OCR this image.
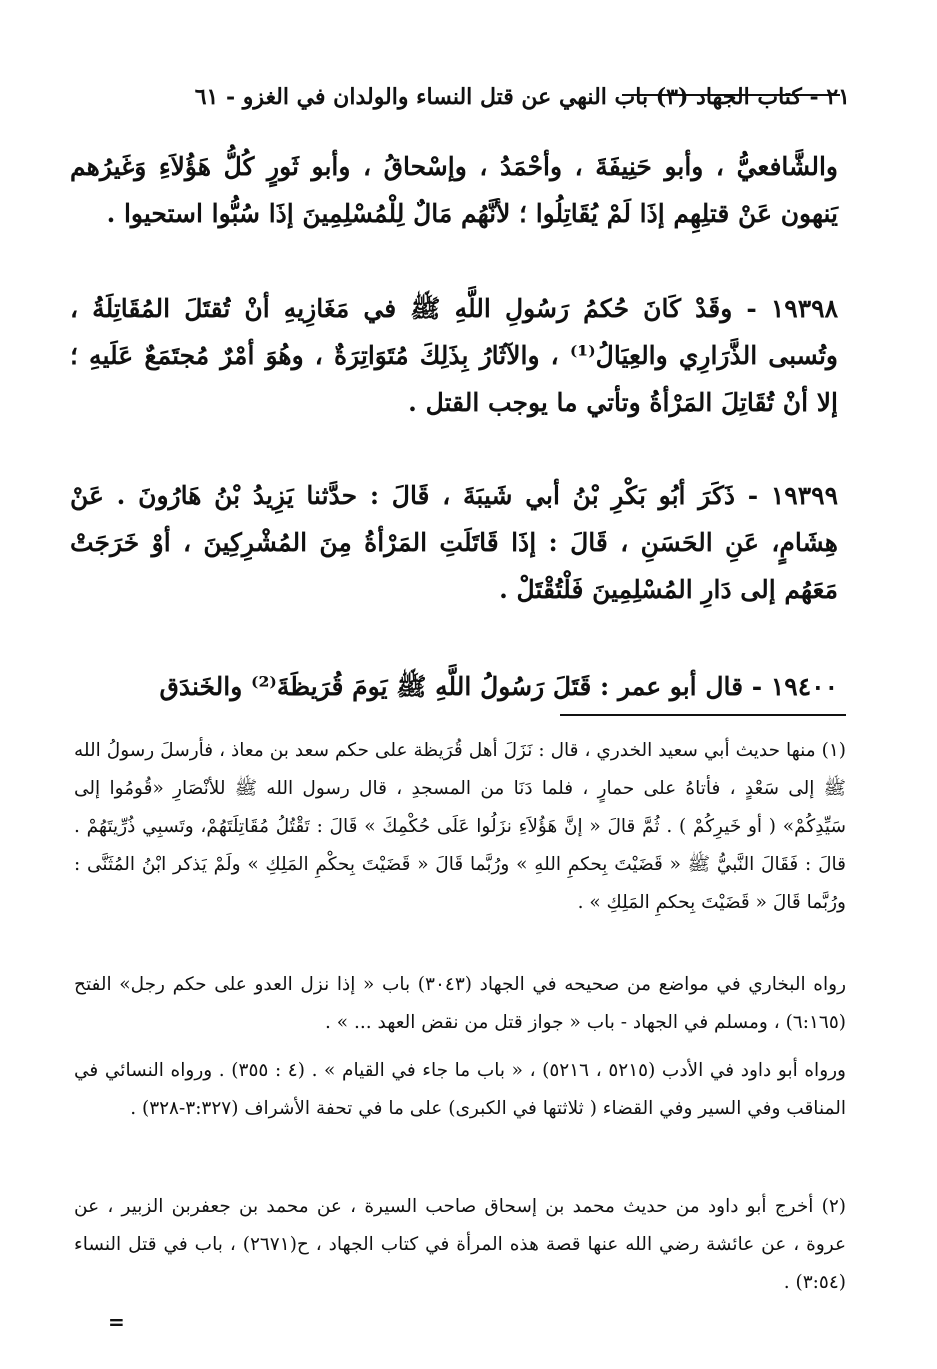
٢١ - كتاب الجهاد (٣) باب النهي عن قتل النساء والولدان في الغزو - ٦١

والشَّافعيُّ ، وأبو حَنِيفَةَ ، وأحْمَدُ ، وإسْحاقُ ، وأبو ثَورٍ كُلُّ هَؤُلاَءِ وَغَيرُهم يَنهون عَنْ قتلِهِم إذَا لَمْ يُقَاتِلُوا ؛ لأنَّهُم مَالٌ لِلْمُسْلِمِينَ إذَا سُبُّوا استحيوا .

١٩٣٩٨ - وقَدْ كَانَ حُكمُ رَسُولِ اللَّهِ ﷺ في مَغَازِيهِ أنْ تُقتَلَ المُقَاتِلَةُ ، وتُسبى الذَّرَارِي والعِيَالُ⁽¹⁾ ، والآثَارُ بِذَلِكَ مُتَوَاتِرَةٌ ، وهُوَ أمْرٌ مُجتَمَعٌ عَلَيهِ ؛ إلا أنْ تُقَاتِلَ المَرْأةُ وتأتي ما يوجب القتل .

١٩٣٩٩ - ذَكَرَ أبُو بَكْرِ بْنُ أبي شَيبَةَ ، قَالَ : حدَّثنا يَزِيدُ بْنُ هَارُونَ . عَنْ هِشَامٍ، عَنِ الحَسَنِ ، قَالَ : إذَا قَاتَلَتِ المَرْأةُ مِنَ المُشْرِكِينَ ، أوْ خَرَجَتْ مَعَهُم إلى دَارِ المُسْلِمِينَ فَلْتُقْتَلْ .

١٩٤٠٠ - قال أبو عمر : قَتَلَ رَسُولُ اللَّهِ ﷺ يَومَ قُرَيظَةَ⁽²⁾ والخَندَق

(١) منها حديث أبي سعيد الخدري ، قال : نَزَلَ أهل قُرَيظة على حكم سعد بن معاذ ، فأرسلَ رسولُ الله ﷺ إلى سَعْدٍ ، فأتاهُ على حمارٍ ، فلما دَنَا من المسجدِ ، قال رسول الله ﷺ للأنْصَارِ «قُومُوا إلى سَيِّدِكُمْ» ( أو خَيرِكُمْ ) . ثُمَّ قالَ « إنَّ هَؤُلاَءِ نزَلُوا عَلَى حُكْمِكَ » قَالَ : تَقْتُلُ مُقَاتِلَتَهُمْ، وتَسبِي ذُرِّيتَهُمْ . قالَ : فَقَالَ النَّبيُّ ﷺ « قَضَيْتَ بِحكمِ اللهِ » ورُبَّما قَالَ « قَضَيْتَ بِحكْمِ المَلِكِ » ولَمْ يَذكر ابْنُ المُثَنَّى : ورُبَّما قَالَ « قَضَيْتَ بِحكمِ المَلِكِ » .

رواه البخاري في مواضع من صحيحه في الجهاد (٣٠٤٣) باب « إذا نزل العدو على حكم رجل» الفتح (٦:١٦٥) ، ومسلم في الجهاد - باب « جواز قتل من نقض العهد ... » .

ورواه أبو داود في الأدب (٥٢١٥ ، ٥٢١٦) ، « باب ما جاء في القيام » . (٤ : ٣٥٥) . ورواه النسائي في المناقب وفي السير وفي القضاء ( ثلاثتها في الكبرى) على ما في تحفة الأشراف (٣:٣٢٧-٣٢٨) .

(٢) أخرج أبو داود من حديث محمد بن إسحاق صاحب السيرة ، عن محمد بن جعفربن الزبير ، عن عروة ، عن عائشة رضي الله عنها قصة هذه المرأة في كتاب الجهاد ، ح(٢٦٧١) ، باب في قتل النساء (٣:٥٤) .

=
